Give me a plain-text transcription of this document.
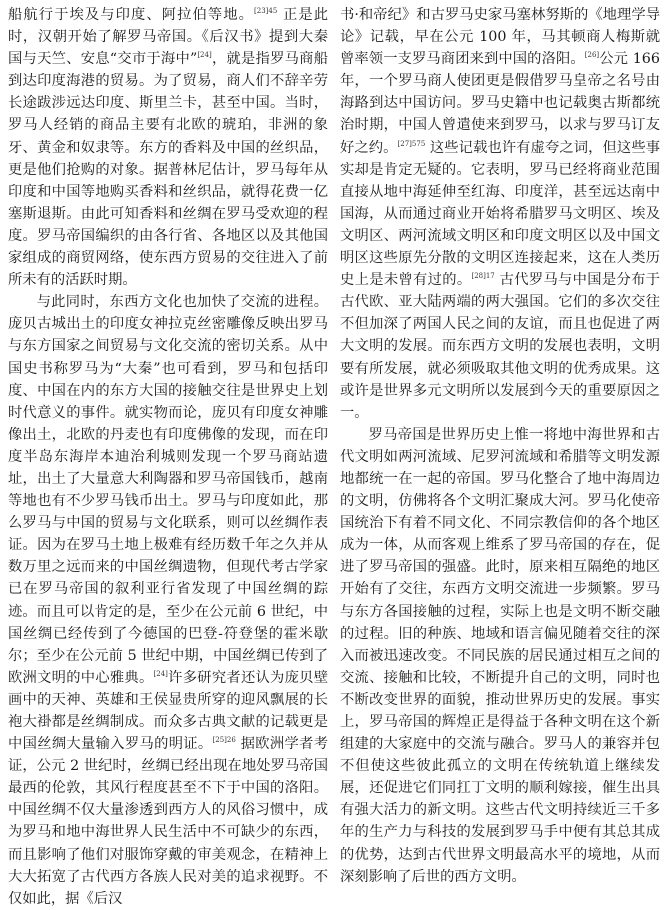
船航行于埃及与印度、阿拉伯等地。$^{[23]45}$ 正是此时，汉朝开始了解罗马帝国。《后汉书》提到大秦国与天竺、安息“交市于海中”[24]，就是指罗马商船到达印度海港的贸易。为了贸易，商人们不辞辛劳长途跋涉远达印度、斯里兰卡，甚至中国。当时，罗马人经销的商品主要有北欧的琥珀，非洲的象牙、黄金和奴隶等。东方的香料及中国的丝织品，更是他们抢购的对象。据普林尼估计，罗马每年从印度和中国等地购买香料和丝织品，就得花费一亿塞斯退斯。由此可知香料和丝绸在罗马受欢迎的程度。罗马帝国编织的由各行省、各地区以及其他国家组成的商贸网络，使东西方贸易的交往进入了前所未有的活跃时期。

与此同时，东西方文化也加快了交流的进程。庞贝古城出土的印度女神拉克丝密雕像反映出罗马与东方国家之间贸易与文化交流的密切关系。从中国史书称罗马为“大秦”也可看到，罗马和包括印度、中国在内的东方大国的接触交往是世界史上划时代意义的事件。就实物而论，庞贝有印度女神雕像出土，北欧的丹麦也有印度佛像的发现，而在印度半岛东海岸本迪治利城则发现一个罗马商站遗址，出土了大量意大利陶器和罗马帝国钱币，越南等地也有不少罗马钱币出土。罗马与印度如此，那么罗马与中国的贸易与文化联系，则可以丝绸作表证。因为在罗马土地上极难有经历数千年之久并从数万里之远而来的中国丝绸遗物，但现代考古学家已在罗马帝国的叙利亚行省发现了中国丝绸的踪迹。而且可以肯定的是，至少在公元前 6 世纪，中国丝绸已经传到了今德国的巴登-符登堡的霍米歇尔；至少在公元前 5 世纪中期，中国丝绸已传到了欧洲文明的中心雅典。[24]许多研究者还认为庞贝壁画中的天神、英雄和王侯显贵所穿的迎风飘展的长袍大褂都是丝绸制成。而众多古典文献的记载更是中国丝绸大量输入罗马的明证。$^{[25]26}$ 据欧洲学者考证，公元 2 世纪时，丝绸已经出现在地处罗马帝国最西的伦敦，其风行程度甚至不下于中国的洛阳。中国丝绸不仅大量渗透到西方人的风俗习惯中，成为罗马和地中海世界人民生活中不可缺少的东西，而且影响了他们对服饰穿戴的审美观念，在精神上大大拓宽了古代西方各族人民对美的追求视野。不仅如此，据《后汉

书·和帝纪》和古罗马史家马塞林努斯的《地理学导论》记载，早在公元 100 年，马其顿商人梅斯就曾率领一支罗马商团来到中国的洛阳。[26]公元 166 年，一个罗马商人使团更是假借罗马皇帝之名号由海路到达中国访问。罗马史籍中也记载奥古斯都统治时期，中国人曾遣使来到罗马，以求与罗马订友好之约。$^{[27]575}$ 这些记载也许有虚夸之词，但这些事实却是肯定无疑的。它表明，罗马已经将商业范围直接从地中海延伸至红海、印度洋，甚至远达南中国海，从而通过商业开始将希腊罗马文明区、埃及文明区、两河流域文明区和印度文明区以及中国文明区这些原先分散的文明区连接起来，这在人类历史上是未曾有过的。$^{[28]17}$ 古代罗马与中国是分布于古代欧、亚大陆两端的两大强国。它们的多次交往不但加深了两国人民之间的友谊，而且也促进了两大文明的发展。而东西方文明的发展也表明，文明要有所发展，就必须吸取其他文明的优秀成果。这或许是世界多元文明所以发展到今天的重要原因之一。

罗马帝国是世界历史上惟一将地中海世界和古代文明如两河流域、尼罗河流域和希腊等文明发源地都统一在一起的帝国。罗马化整合了地中海周边的文明，仿佛将各个文明汇聚成大河。罗马化使帝国统治下有着不同文化、不同宗教信仰的各个地区成为一体，从而客观上维系了罗马帝国的存在，促进了罗马帝国的强盛。此时，原来相互隔绝的地区开始有了交往，东西方文明交流进一步频繁。罗马与东方各国接触的过程，实际上也是文明不断交融的过程。旧的种族、地域和语言偏见随着交往的深入而被迅速改变。不同民族的居民通过相互之间的交流、接触和比较，不断提升自己的文明，同时也不断改变世界的面貌，推动世界历史的发展。事实上，罗马帝国的辉煌正是得益于各种文明在这个新组建的大家庭中的交流与融合。罗马人的兼容并包不但使这些彼此孤立的文明在传统轨道上继续发展，还促进它们同扛丁文明的顺利嫁接，催生出具有强大活力的新文明。这些古代文明持续近三千多年的生产力与科技的发展到罗马手中便有其总其成的优势，达到古代世界文明最高水平的境地，从而深刻影响了后世的西方文明。
